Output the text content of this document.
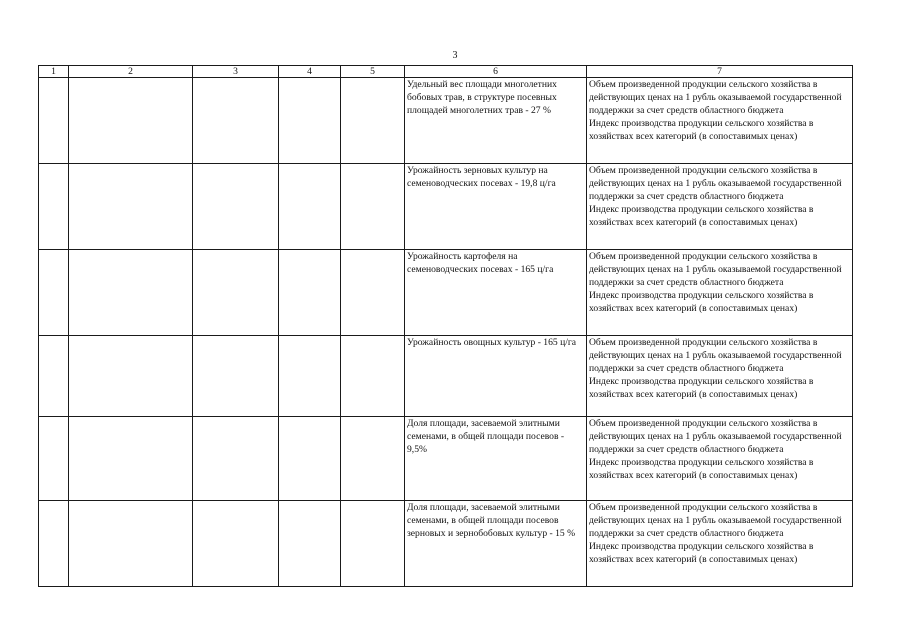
3
1	2	3	4	5	6	7
					Удельный вес площади многолетних бобовых трав, в структуре посевных площадей многолетних трав - 27 %	Объем произведенной продукции сельского хозяйства в действующих ценах на 1 рубль оказываемой государственной поддержки за счет средств областного бюджета
Индекс производства продукции сельского хозяйства в хозяйствах всех категорий (в сопоставимых ценах)

					Урожайность зерновых культур на семеноводческих посевах - 19,8 ц/га	Объем произведенной продукции сельского хозяйства в действующих ценах на 1 рубль оказываемой государственной поддержки за счет средств областного бюджета
Индекс производства продукции сельского хозяйства в хозяйствах всех категорий (в сопоставимых ценах)

					Урожайность картофеля на семеноводческих посевах - 165 ц/га	Объем произведенной продукции сельского хозяйства в действующих ценах на 1 рубль оказываемой государственной поддержки за счет средств областного бюджета
Индекс производства продукции сельского хозяйства в хозяйствах всех категорий (в сопоставимых ценах)

					Урожайность овощных культур - 165 ц/га	Объем произведенной продукции сельского хозяйства в действующих ценах на 1 рубль оказываемой государственной поддержки за счет средств областного бюджета
Индекс производства продукции сельского хозяйства в хозяйствах всех категорий (в сопоставимых ценах)

					Доля площади, засеваемой элитными семенами, в общей площади посевов - 9,5%	Объем произведенной продукции сельского хозяйства в действующих ценах на 1 рубль оказываемой государственной поддержки за счет средств областного бюджета
Индекс производства продукции сельского хозяйства в хозяйствах всех категорий (в сопоставимых ценах)

					Доля площади, засеваемой элитными семенами, в общей площади посевов зерновых и зернобобовых культур - 15 %	Объем произведенной продукции сельского хозяйства в действующих ценах на 1 рубль оказываемой государственной поддержки за счет средств областного бюджета
Индекс производства продукции сельского хозяйства в хозяйствах всех категорий (в сопоставимых ценах)
